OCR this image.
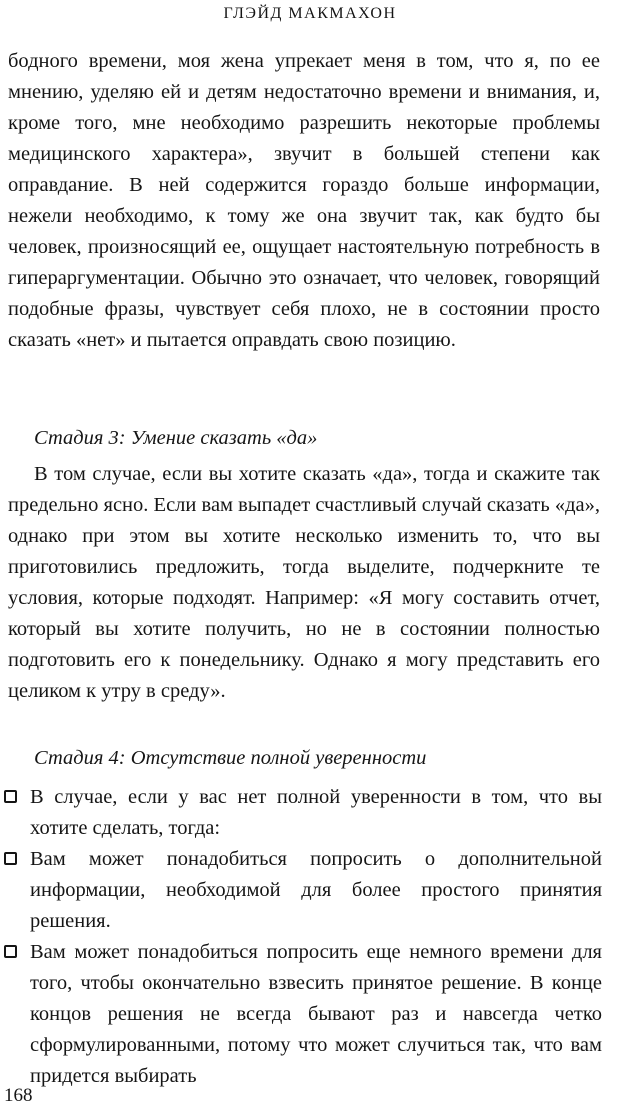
ГЛЭЙД МАКМАХОН
бодного времени, моя жена упрекает меня в том, что я, по ее мнению, уделяю ей и детям недостаточно времени и внимания, и, кроме того, мне необходимо разрешить некоторые проблемы медицинского характера», звучит в большей степени как оправдание. В ней содержится гораздо больше информации, нежели необходимо, к тому же она звучит так, как будто бы человек, произносящий ее, ощущает настоятельную потребность в гипераргументации. Обычно это означает, что человек, говорящий подобные фразы, чувствует себя плохо, не в состоянии просто сказать «нет» и пытается оправдать свою позицию.
Стадия 3: Умение сказать «да»
В том случае, если вы хотите сказать «да», тогда и скажите так предельно ясно. Если вам выпадет счастливый случай сказать «да», однако при этом вы хотите несколько изменить то, что вы приготовились предложить, тогда выделите, подчеркните те условия, которые подходят. Например: «Я могу составить отчет, который вы хотите получить, но не в состоянии полностью подготовить его к понедельнику. Однако я могу представить его целиком к утру в среду».
Стадия 4: Отсутствие полной уверенности
В случае, если у вас нет полной уверенности в том, что вы хотите сделать, тогда:
Вам может понадобиться попросить о дополнительной информации, необходимой для более простого принятия решения.
Вам может понадобиться попросить еще немного времени для того, чтобы окончательно взвесить принятое решение. В конце концов решения не всегда бывают раз и навсегда четко сформулированными, потому что может случиться так, что вам придется выбирать
168
